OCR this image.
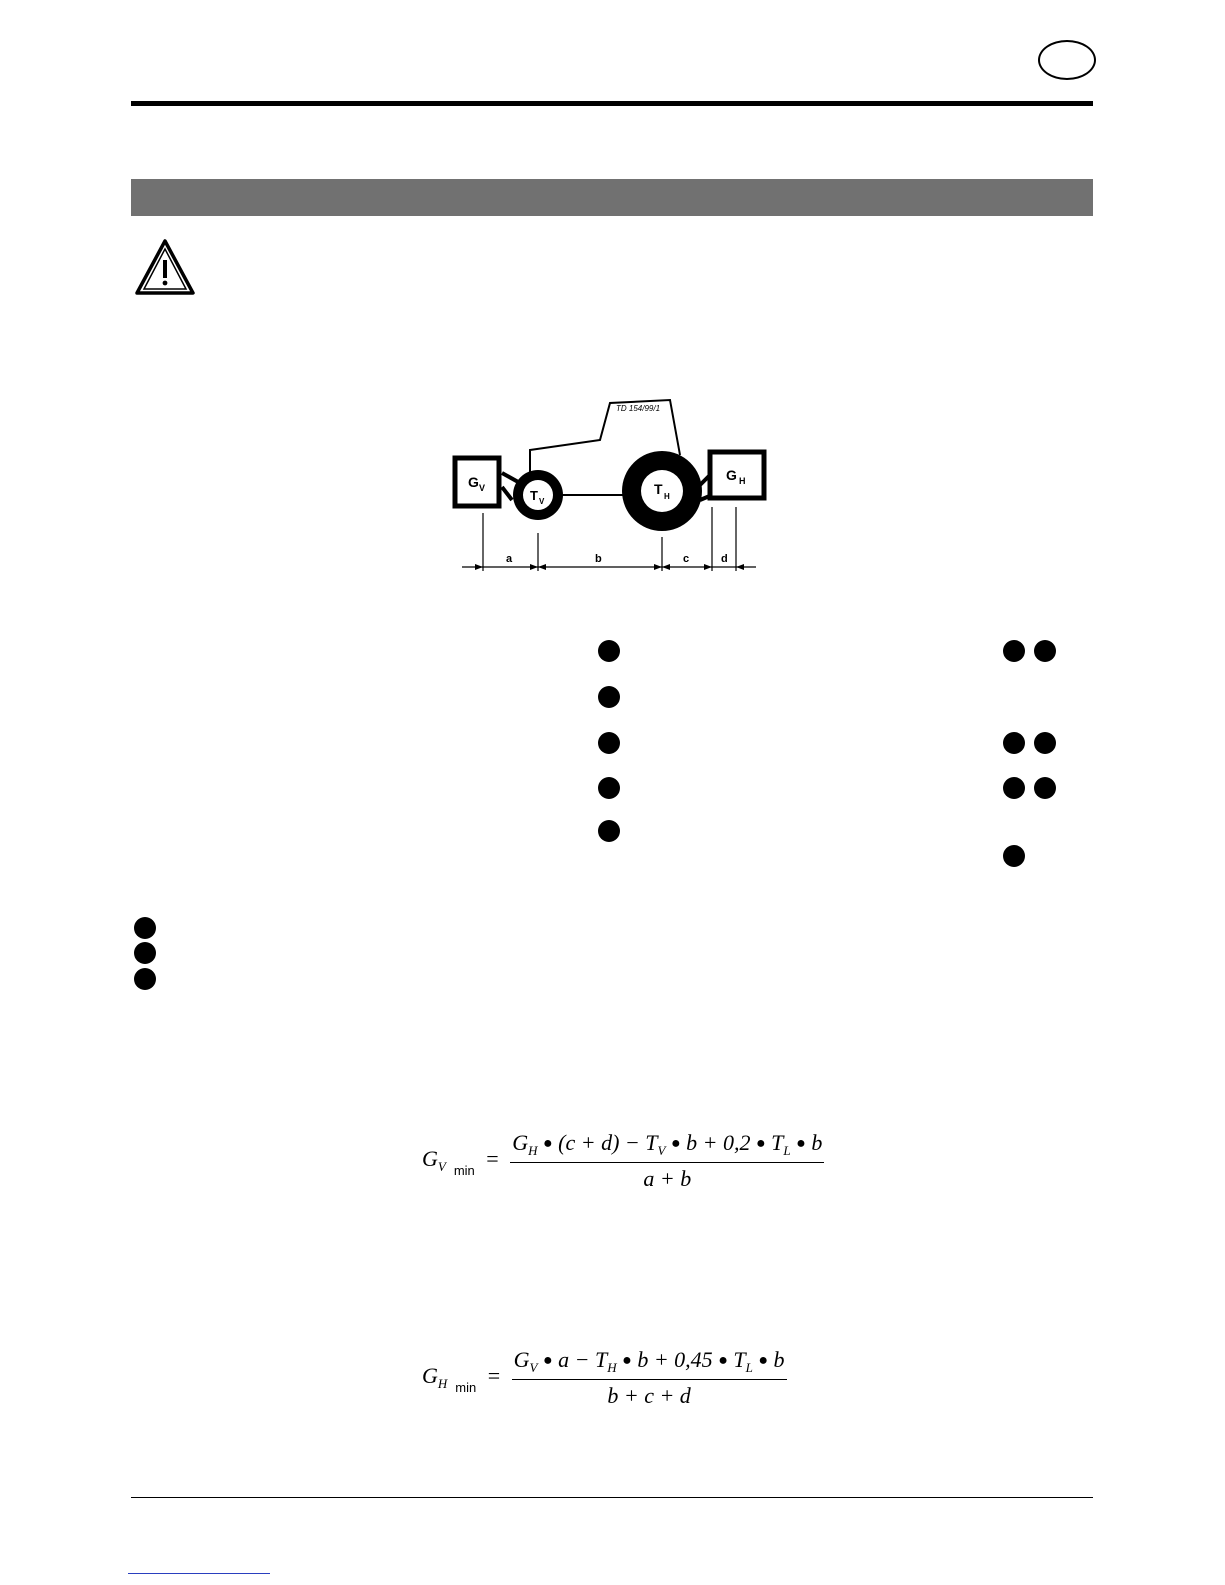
TD 154/99/1
G V	T V
T H
G H
a	b	c	d
$G_V$ $_{min} = \frac{G_H ● (c + d) - T_V ● b + 0,2 ● T_L ● b}{a + b}$
$G_H$ $_{min} = \frac{G_V ● a - T_H ● b + 0,45 ● T_L ● b}{b + c + d}$
